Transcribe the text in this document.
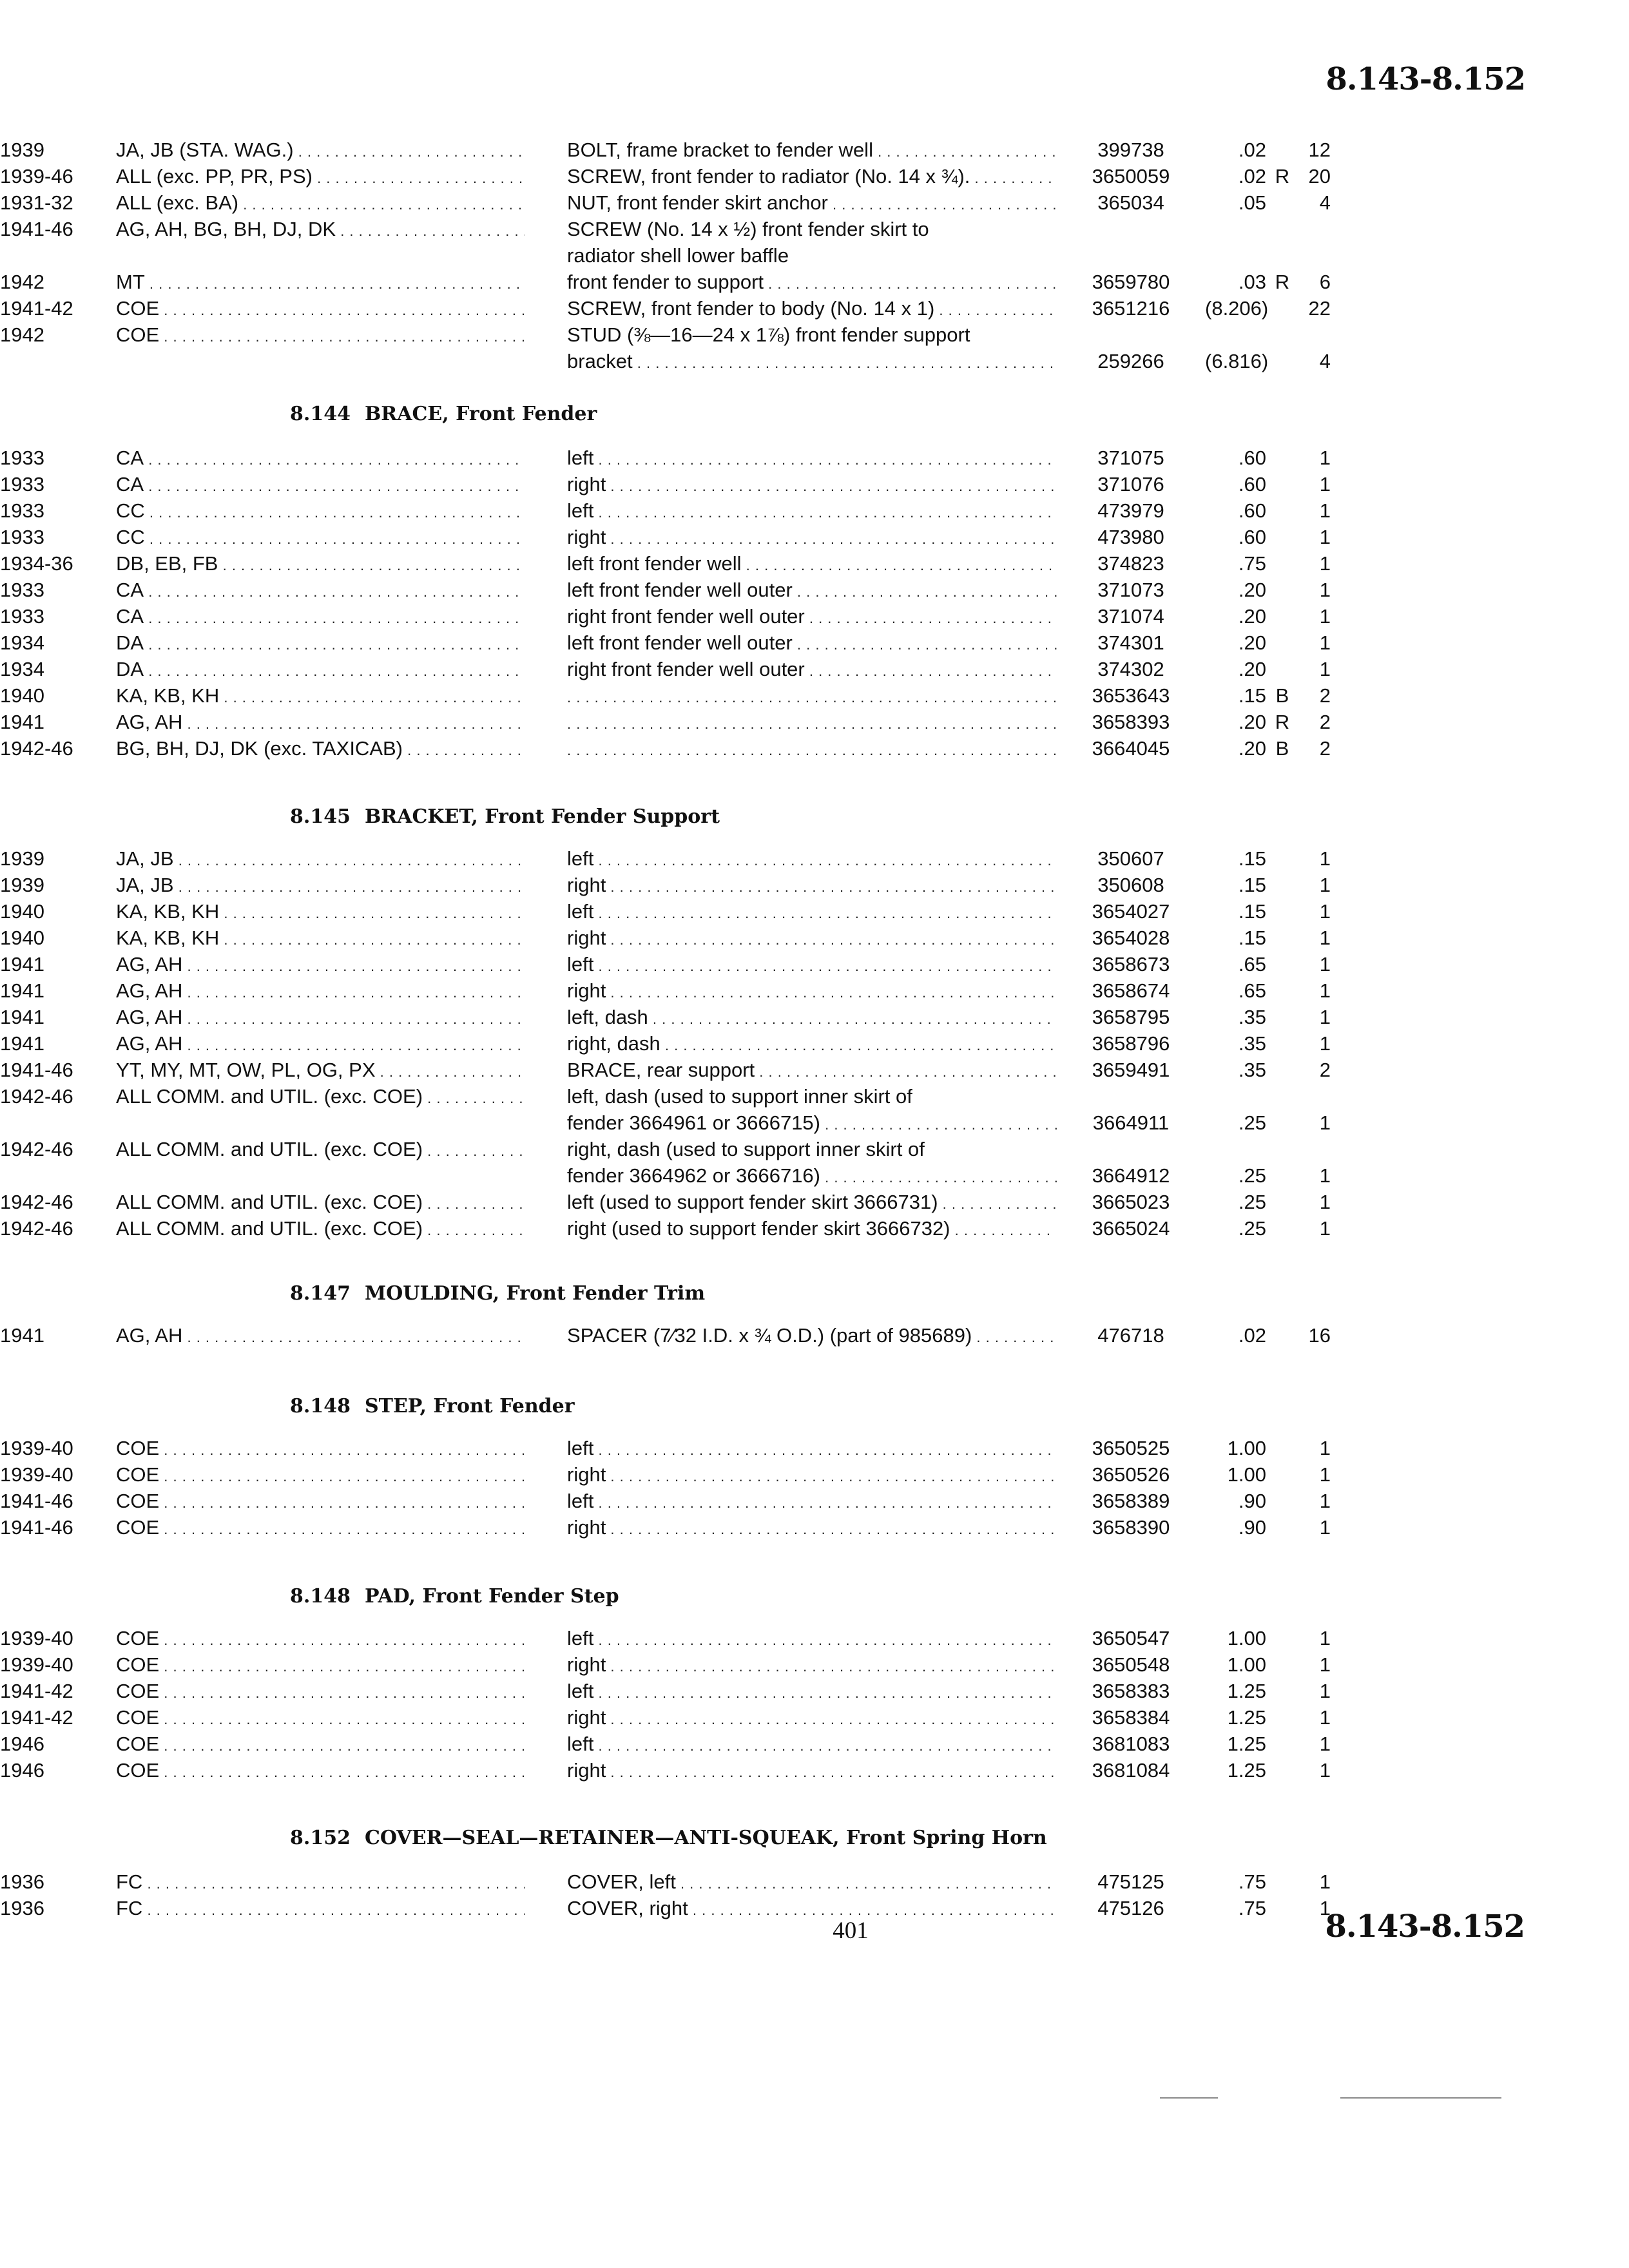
8.143-8.152
1939	JA, JB (STA. WAG.) . . .	BOLT, frame bracket to fender well . . .	399738	.02	12
1939-46	ALL (exc. PP, PR, PS) . . .	SCREW, front fender to radiator (No. 14 x ¾). . . .	3650059	.02 R 20
1931-32	ALL (exc. BA) . . .	NUT, front fender skirt anchor . . .	365034	.05	4
1941-46	AG, AH, BG, BH, DJ, DK . . .	SCREW (No. 14 x ½) front fender skirt to
radiator shell lower baffle
1942	MT . . .	front fender to support . . .	3659780	.03 R	6
1941-42	COE . . .	SCREW, front fender to body (No. 14 x 1) . . .	3651216	(8.206)	22
1942	COE . . .	STUD (⅜—16—24 x 1⅞) front fender support
bracket . . .	259266	(6.816)	4
8.144 BRACE, Front Fender
1933	CA . . .	left . . .	371075	.60	1
1933	CA . . .	right . . .	371076	.60	1
1933	CC . . .	left . . .	473979	.60	1
1933	CC . . .	right . . .	473980	.60	1
1934-36	DB, EB, FB . . .	left front fender well . . .	374823	.75	1
1933	CA . . .	left front fender well outer . . .	371073	.20	1
1933	CA . . .	right front fender well outer . . .	371074	.20	1
1934	DA . . .	left front fender well outer . . .	374301	.20	1
1934	DA . . .	right front fender well outer . . .	374302	.20	1
1940	KA, KB, KH . . . . . .	3653643	.15 B	2
1941	AG, AH . . . . . .	3658393	.20 R	2
1942-46	BG, BH, DJ, DK (exc. TAXICAB) . . . . . .	3664045	.20 B	2
8.145 BRACKET, Front Fender Support
1939	JA, JB . . .	left . . .	350607	.15	1
1939	JA, JB . . .	right . . .	350608	.15	1
1940	KA, KB, KH . . .	left . . .	3654027	.15	1
1940	KA, KB, KH . . .	right . . .	3654028	.15	1
1941	AG, AH . . .	left . . .	3658673	.65	1
1941	AG, AH . . .	right . . .	3658674	.65	1
1941	AG, AH . . .	left, dash . . .	3658795	.35	1
1941	AG, AH . . .	right, dash . . .	3658796	.35	1
1941-46	YT, MY, MT, OW, PL, OG, PX . . .	BRACE, rear support . . .	3659491	.35	2
1942-46	ALL COMM. and UTIL. (exc. COE) . . .	left, dash (used to support inner skirt of
fender 3664961 or 3666715) . . .	3664911	.25	1
1942-46	ALL COMM. and UTIL. (exc. COE) . . .	right, dash (used to support inner skirt of
fender 3664962 or 3666716) . . .	3664912	.25	1
1942-46	ALL COMM. and UTIL. (exc. COE) . . .	left (used to support fender skirt 3666731) . . .	3665023	.25	1
1942-46	ALL COMM. and UTIL. (exc. COE) . . .	right (used to support fender skirt 3666732) . . .	3665024	.25	1
8.147 MOULDING, Front Fender Trim
1941	AG, AH . . .	SPACER (7⁄32 I.D. x ¾ O.D.) (part of 985689) . . .	476718	.02	16
8.148 STEP, Front Fender
1939-40	COE . . .	left . . .	3650525	1.00	1
1939-40	COE . . .	right . . .	3650526	1.00	1
1941-46	COE . . .	left . . .	3658389	.90	1
1941-46	COE . . .	right . . .	3658390	.90	1
8.148 PAD, Front Fender Step
1939-40	COE . . .	left . . .	3650547	1.00	1
1939-40	COE . . .	right . . .	3650548	1.00	1
1941-42	COE . . .	left . . .	3658383	1.25	1
1941-42	COE . . .	right . . .	3658384	1.25	1
1946	COE . . .	left . . .	3681083	1.25	1
1946	COE . . .	right . . .	3681084	1.25	1
8.152 COVER—SEAL—RETAINER—ANTI-SQUEAK, Front Spring Horn
1936	FC . . .	COVER, left . . .	475125	.75	1
1936	FC . . .	COVER, right . . .	475126	.75	1
401	8.143-8.152
